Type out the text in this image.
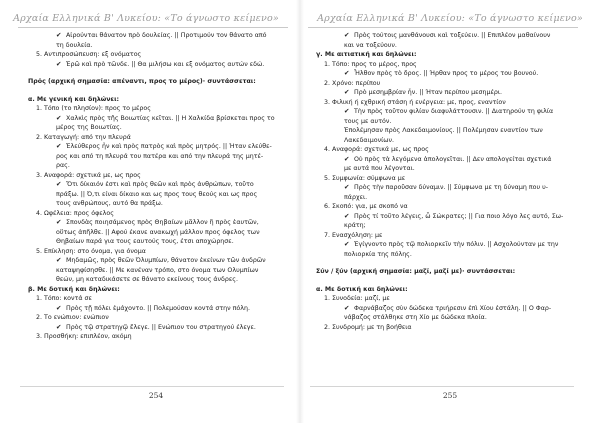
Αρχαία Ελληνικά Β' Λυκείου: «Το άγνωστο κείμενο»
✔ Αἰρούνται θάνατον πρὸ δουλείας. || Προτιμούν τον θάνατο από
τη δουλεία.
5. Αντιπροσώπευση: εξ ονόματος
✔ Ἐρῶ καὶ πρὸ τῶνδε. || Θα μιλήσω και εξ ονόματος αυτών εδώ.
Πρός (αρχική σημασία: απέναντι, προς το μέρος)· συντάσσεται:
α. Με γενική και δηλώνει:
1. Τόπο (το πλησίον): προς το μέρος
✔ Χαλκὶς πρὸς τῆς Βοιωτίας κεῖται. || Η Χαλκίδα βρίσκεται προς το
μέρος της Βοιωτίας.
2. Καταγωγή: από την πλευρά
✔ Ἐλεύθερος ἦν καὶ πρὸς πατρὸς καὶ πρὸς μητρός. || Ήταν ελεύθε-
ρος και από τη πλευρά του πατέρα και από την πλευρά της μητέ-
ρας.
3. Αναφορά: σχετικά με, ως προς
✔ Ὅτι δίκαιόν ἐστι καὶ πρὸς θεῶν καὶ πρὸς ἀνθρώπων, τοῦτο
πράξω. || Ό,τι είναι δίκαιο και ως προς τους θεούς και ως προς
τους ανθρώπους, αυτό θα πράξω.
4. Ωφέλεια: προς όφελος
✔ Σπονδὰς ποιησάμενος πρὸς Θηβαίων μᾶλλον ἢ πρὸς ἑαυτῶν,
οὕτως ἀπῆλθε. || Αφού έκανε ανακωχή μάλλον προς όφελος των
Θηβαίων παρά για τους εαυτούς τους, έτσι αποχώρησε.
5. Επίκληση: στο όνομα, για όνομα
✔ Μηδαμῶς, πρὸς θεῶν Ὀλυμπίων, θάνατον ἐκείνων τῶν ἀνδρῶν
καταψηφίσησθε. || Με κανέναν τρόπο, στο όνομα των Ολυμπίων
θεών, μη καταδικάσετε σε θάνατο εκείνους τους άνδρες.
β. Με δοτική και δηλώνει:
1. Τόπο: κοντά σε
✔ Πρὸς τῇ πόλει ἐμάχοντο. || Πολεμούσαν κοντά στην πόλη.
2. Το ενώπιον: ενώπιον
✔ Πρὸς τῷ στρατηγῷ ἔλεγε. || Ενώπιον του στρατηγού έλεγε.
3. Προσθήκη: επιπλέον, ακόμη
254
Αρχαία Ελληνικά Β' Λυκείου: «Το άγνωστο κείμενο»
✔ Πρὸς τούτοις μανθάνουσι καὶ τοξεύειν. || Επιπλέον μαθαίνουν
και να τοξεύουν.
γ. Με αιτιατική και δηλώνει:
1. Τόπο: προς το μέρος, προς
✔ Ἦλθον πρὸς τὸ ὄρος. || Ήρθαν προς το μέρος του βουνού.
2. Χρόνο: περίπου
✔ Πρὸ μεσημβρίαν ἦν. || Ήταν περίπου μεσημέρι.
3. Φιλική ή εχθρική στάση ή ενέργεια: με, προς, εναντίον
✔ Τὴν πρὸς τοῦτον φιλίαν διαφυλάττουσιν. || Διατηρούν τη φιλία
τους με αυτόν.
Ἐπολέμησαν πρὸς Λακεδαιμονίους. || Πολέμησαν εναντίον των
Λακεδαιμονίων.
4. Αναφορά: σχετικά με, ως προς
✔ Οὐ πρὸς τὰ λεγόμενα ἀπολογεῖται. || Δεν απολογείται σχετικά
με αυτά που λέγονται.
5. Συμφωνία: σύμφωνα με
✔ Πρὸς τὴν παροῦσαν δύναμιν. || Σύμφωνα με τη δύναμη που υ-
πάρχει.
6. Σκοπό: για, με σκοπό να
✔ Πρὸς τί τοῦτο λέγεις, ὦ Σώκρατες; || Για ποιο λόγο λες αυτό, Σω-
κράτη;
7. Ενασχόληση: με
✔ Ἐγίγνοντο πρὸς τῷ πολιορκεῖν τὴν πόλιν. || Ασχολούνταν με την
πολιορκία της πόλης.
Σύν / ξύν (αρχική σημασία: μαζί, μαζί με)· συντάσσεται:
α. Με δοτική και δηλώνει:
1. Συνοδεία: μαζί, με
✔ Φαρνάβαζος σὺν δώδεκα τριήρεσιν ἐπὶ Χίου ἐστάλη. || Ο Φαρ-
νάβαζος στάλθηκε στη Χίο με δώδεκα πλοία.
2. Συνδρομή: με τη βοήθεια
255
